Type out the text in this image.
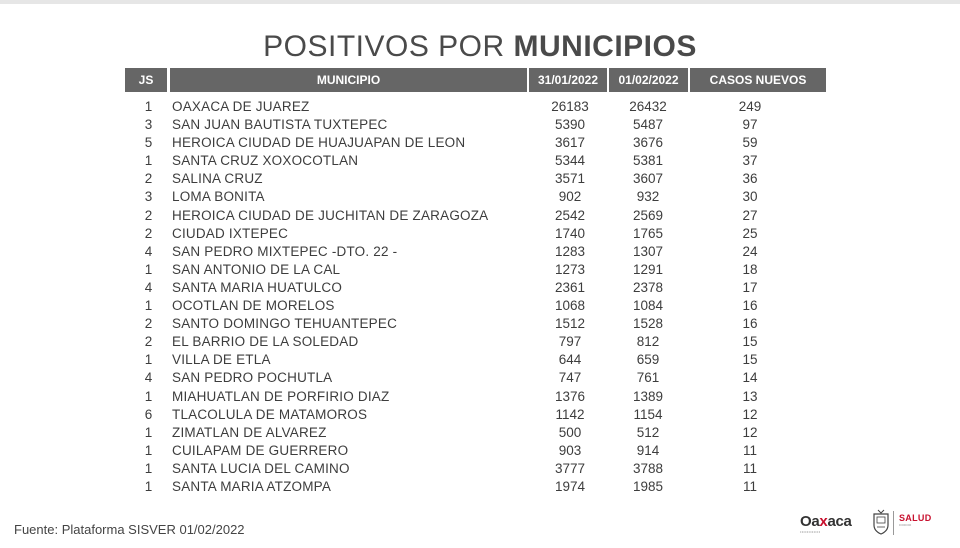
POSITIVOS POR MUNICIPIOS
JS	MUNICIPIO	31/01/2022	01/02/2022	CASOS NUEVOS
1	OAXACA DE JUAREZ	26183	26432	249
3	SAN JUAN BAUTISTA TUXTEPEC	5390	5487	97
5	HEROICA CIUDAD DE HUAJUAPAN DE LEON	3617	3676	59
1	SANTA CRUZ XOXOCOTLAN	5344	5381	37
2	SALINA CRUZ	3571	3607	36
3	LOMA BONITA	902	932	30
2	HEROICA CIUDAD DE JUCHITAN DE ZARAGOZA	2542	2569	27
2	CIUDAD IXTEPEC	1740	1765	25
4	SAN PEDRO MIXTEPEC -DTO. 22 -	1283	1307	24
1	SAN ANTONIO DE LA CAL	1273	1291	18
4	SANTA MARIA HUATULCO	2361	2378	17
1	OCOTLAN DE MORELOS	1068	1084	16
2	SANTO DOMINGO TEHUANTEPEC	1512	1528	16
2	EL BARRIO DE LA SOLEDAD	797	812	15
1	VILLA DE ETLA	644	659	15
4	SAN PEDRO POCHUTLA	747	761	14
1	MIAHUATLAN DE PORFIRIO DIAZ	1376	1389	13
6	TLACOLULA DE MATAMOROS	1142	1154	12
1	ZIMATLAN DE ALVAREZ	500	512	12
1	CUILAPAM DE GUERRERO	903	914	11
1	SANTA LUCIA DEL CAMINO	3777	3788	11
1	SANTA MARIA ATZOMPA	1974	1985	11
Fuente: Plataforma SISVER 01/02/2022	Oaxaca
••••••••••••
SALUD
••••••••••
